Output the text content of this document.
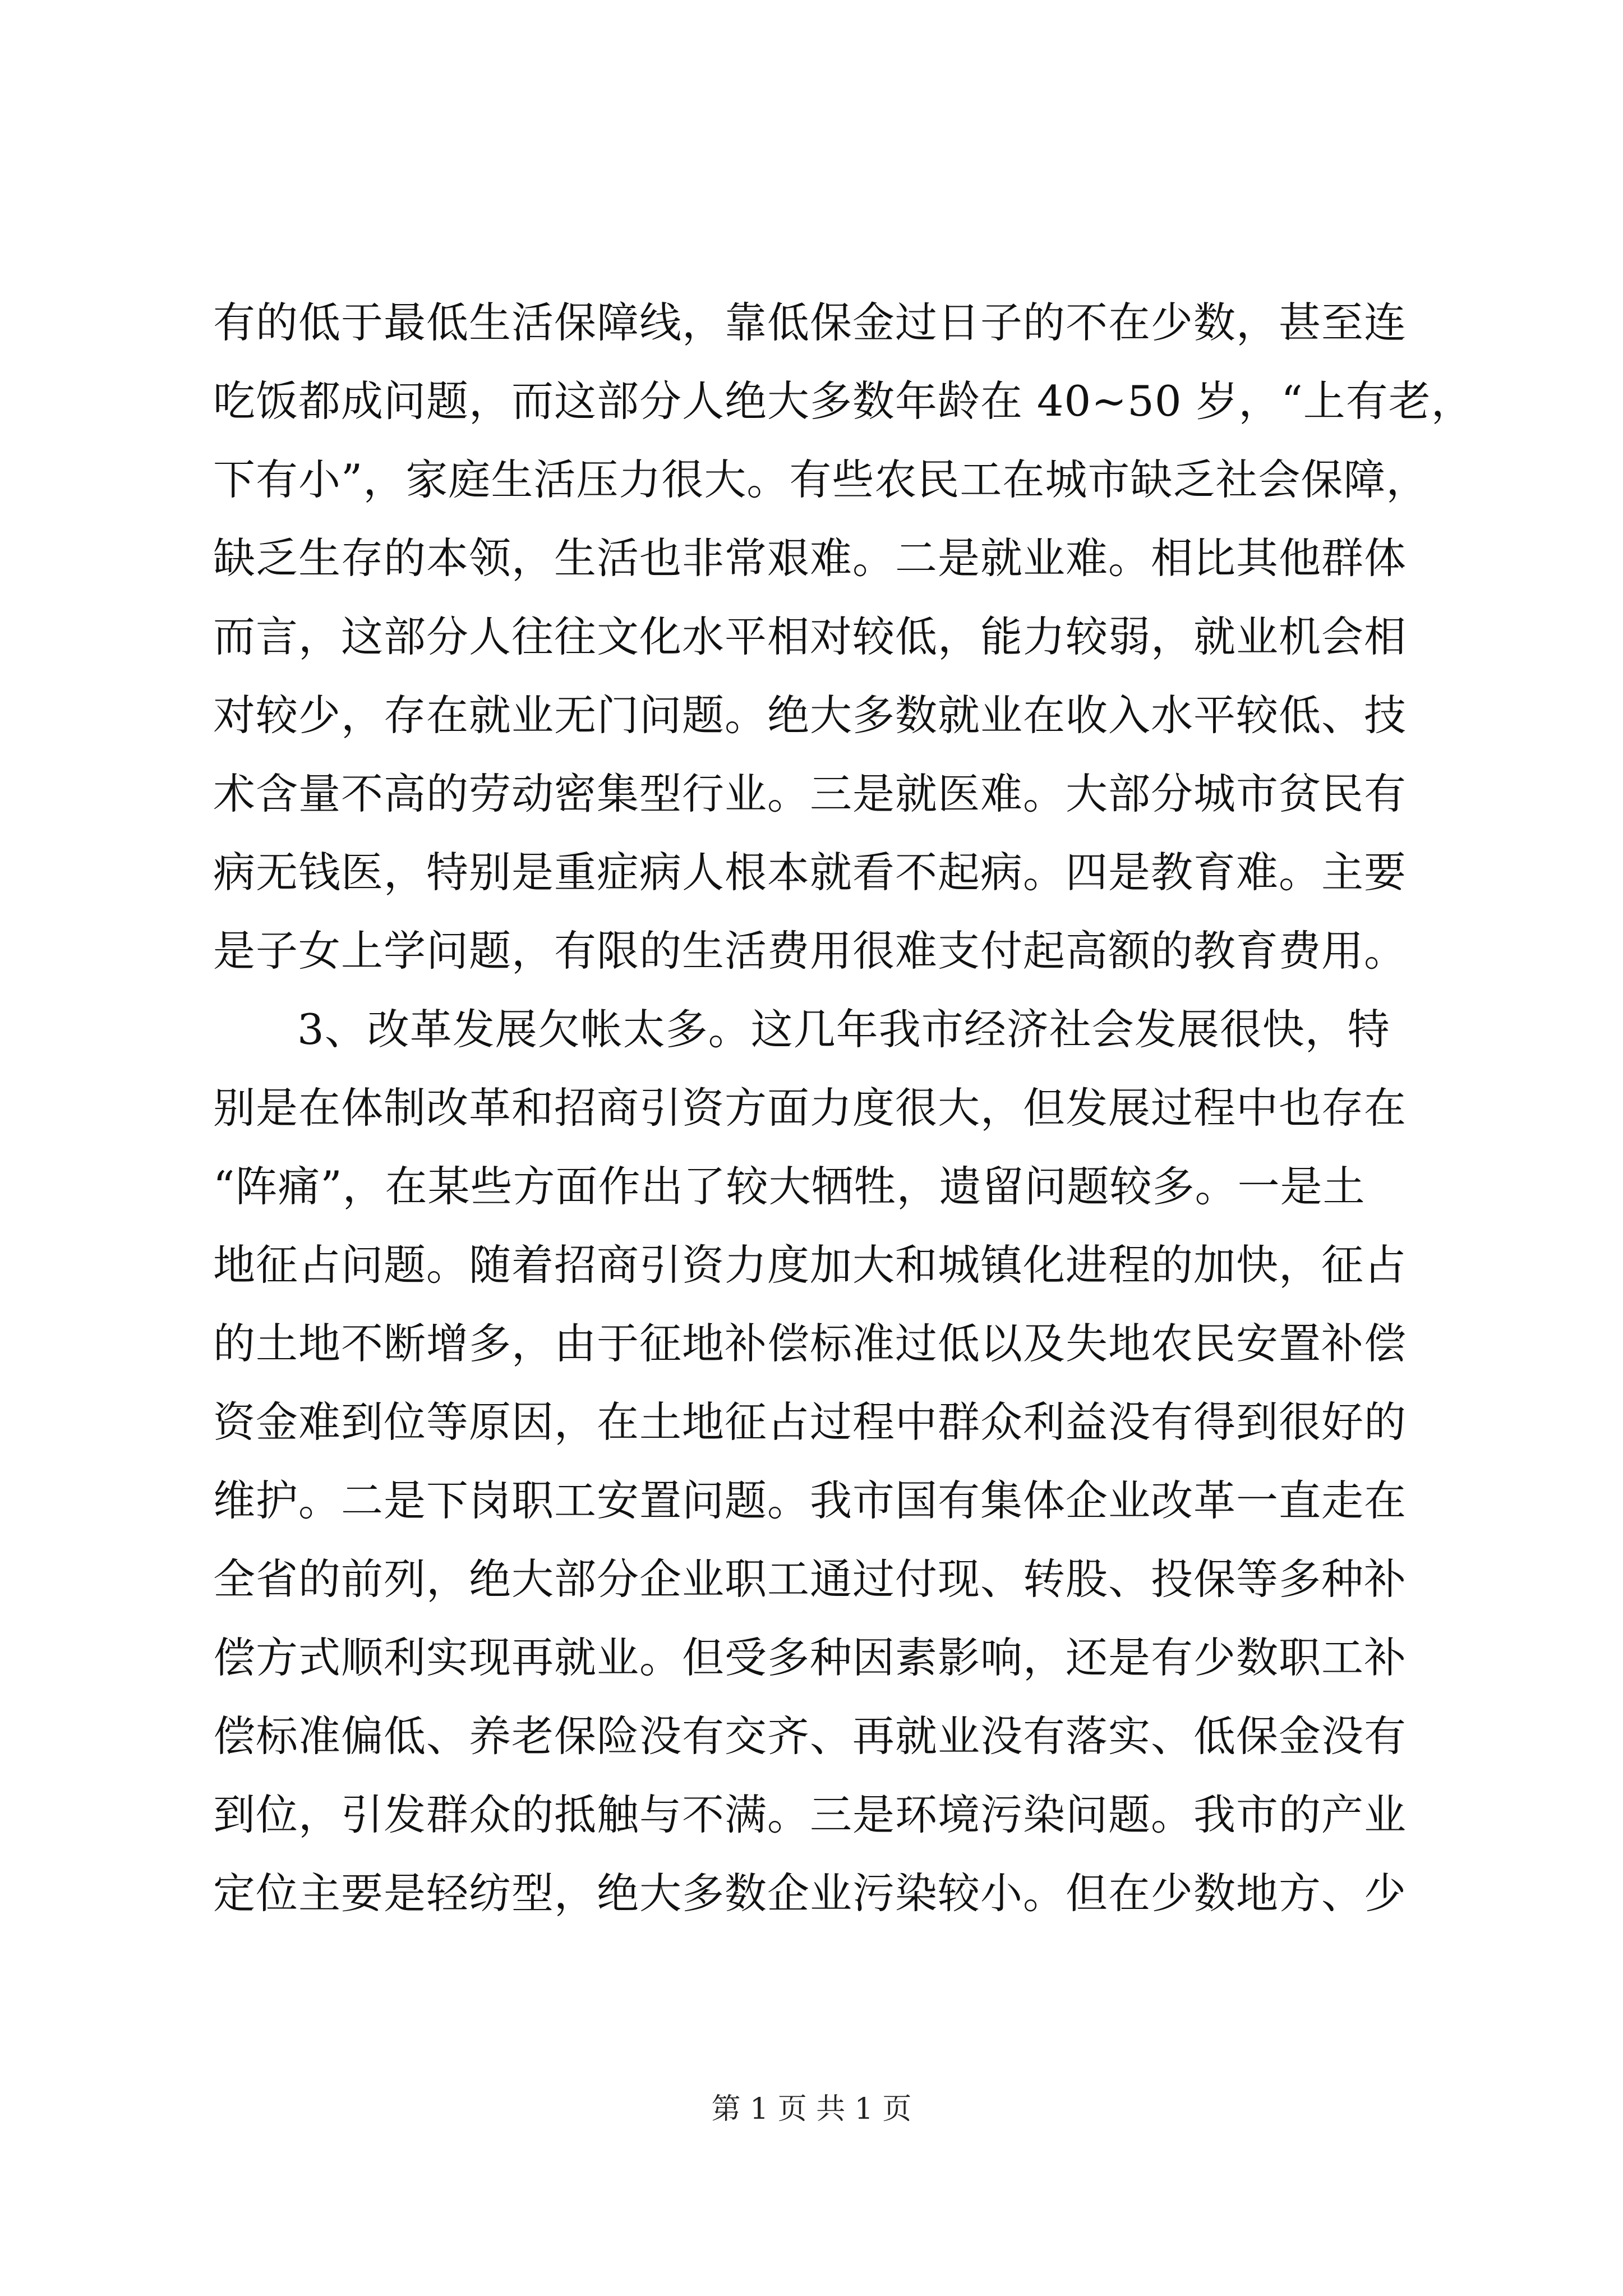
有的低于最低生活保障线，靠低保金过日子的不在少数，甚至连
吃饭都成问题，而这部分人绝大多数年龄在 40~50 岁，“上有老，
下有小”，家庭生活压力很大。有些农民工在城市缺乏社会保障，
缺乏生存的本领，生活也非常艰难。二是就业难。相比其他群体
而言，这部分人往往文化水平相对较低，能力较弱，就业机会相
对较少，存在就业无门问题。绝大多数就业在收入水平较低、技
术含量不高的劳动密集型行业。三是就医难。大部分城市贫民有
病无钱医，特别是重症病人根本就看不起病。四是教育难。主要
是子女上学问题，有限的生活费用很难支付起高额的教育费用。
3、改革发展欠帐太多。这几年我市经济社会发展很快，特
别是在体制改革和招商引资方面力度很大，但发展过程中也存在
“阵痛”，在某些方面作出了较大牺牲，遗留问题较多。一是土
地征占问题。随着招商引资力度加大和城镇化进程的加快，征占
的土地不断增多，由于征地补偿标准过低以及失地农民安置补偿
资金难到位等原因，在土地征占过程中群众利益没有得到很好的
维护。二是下岗职工安置问题。我市国有集体企业改革一直走在
全省的前列，绝大部分企业职工通过付现、转股、投保等多种补
偿方式顺利实现再就业。但受多种因素影响，还是有少数职工补
偿标准偏低、养老保险没有交齐、再就业没有落实、低保金没有
到位，引发群众的抵触与不满。三是环境污染问题。我市的产业
定位主要是轻纺型，绝大多数企业污染较小。但在少数地方、少
第 1 页 共 1 页
